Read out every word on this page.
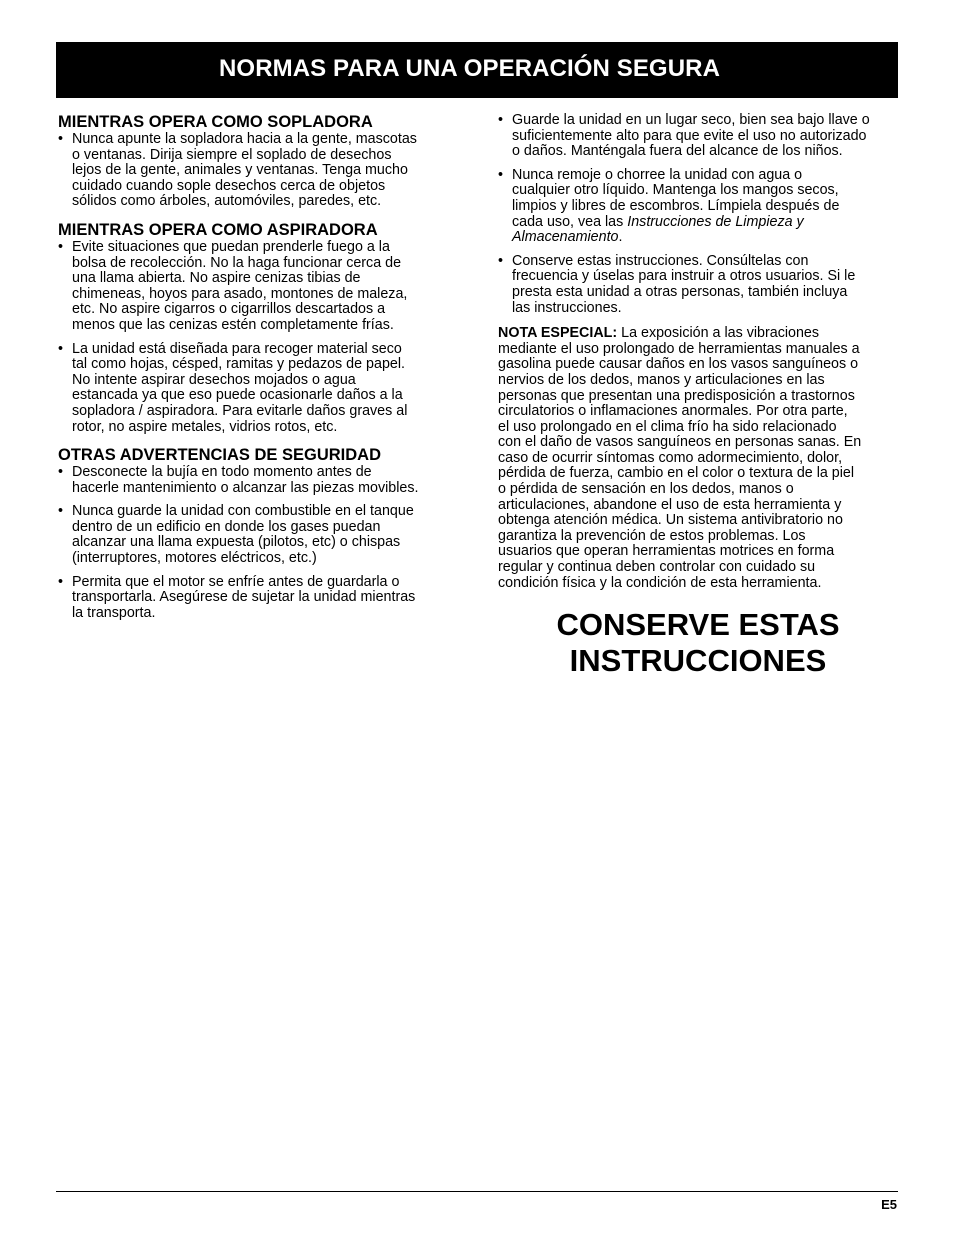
NORMAS PARA UNA OPERACIÓN SEGURA
MIENTRAS OPERA COMO SOPLADORA
• Nunca apunte la sopladora hacia a la gente, mascotas
o ventanas. Dirija siempre el soplado de desechos
lejos de la gente, animales y ventanas. Tenga mucho
cuidado cuando sople desechos cerca de objetos
sólidos como árboles, automóviles, paredes, etc.
MIENTRAS OPERA COMO ASPIRADORA
• Evite situaciones que puedan prenderle fuego a la
bolsa de recolección. No la haga funcionar cerca de
una llama abierta. No aspire cenizas tibias de
chimeneas, hoyos para asado, montones de maleza,
etc. No aspire cigarros o cigarrillos descartados a
menos que las cenizas estén completamente frías.
• La unidad está diseñada para recoger material seco
tal como hojas, césped, ramitas y pedazos de papel.
No intente aspirar desechos mojados o agua
estancada ya que eso puede ocasionarle daños a la
sopladora / aspiradora. Para evitarle daños graves al
rotor, no aspire metales, vidrios rotos, etc.
OTRAS ADVERTENCIAS DE SEGURIDAD
• Desconecte la bujía en todo momento antes de
hacerle mantenimiento o alcanzar las piezas movibles.
• Nunca guarde la unidad con combustible en el tanque
dentro de un edificio en donde los gases puedan
alcanzar una llama expuesta (pilotos, etc) o chispas
(interruptores, motores eléctricos, etc.)
• Permita que el motor se enfríe antes de guardarla o
transportarla. Asegúrese de sujetar la unidad mientras
la transporta.
• Guarde la unidad en un lugar seco, bien sea bajo llave o
suficientemente alto para que evite el uso no autorizado
o daños. Manténgala fuera del alcance de los niños.
• Nunca remoje o chorree la unidad con agua o
cualquier otro líquido. Mantenga los mangos secos,
limpios y libres de escombros. Límpiela después de
cada uso, vea las Instrucciones de Limpieza y
Almacenamiento.
• Conserve estas instrucciones. Consúltelas con
frecuencia y úselas para instruir a otros usuarios. Si le
presta esta unidad a otras personas, también incluya
las instrucciones.
NOTA ESPECIAL: La exposición a las vibraciones
mediante el uso prolongado de herramientas manuales a
gasolina puede causar daños en los vasos sanguíneos o
nervios de los dedos, manos y articulaciones en las
personas que presentan una predisposición a trastornos
circulatorios o inflamaciones anormales. Por otra parte,
el uso prolongado en el clima frío ha sido relacionado
con el daño de vasos sanguíneos en personas sanas. En
caso de ocurrir síntomas como adormecimiento, dolor,
pérdida de fuerza, cambio en el color o textura de la piel
o pérdida de sensación en los dedos, manos o
articulaciones, abandone el uso de esta herramienta y
obtenga atención médica. Un sistema antivibratorio no
garantiza la prevención de estos problemas. Los
usuarios que operan herramientas motrices en forma
regular y continua deben controlar con cuidado su
condición física y la condición de esta herramienta.
CONSERVE ESTAS
INSTRUCCIONES
E5
